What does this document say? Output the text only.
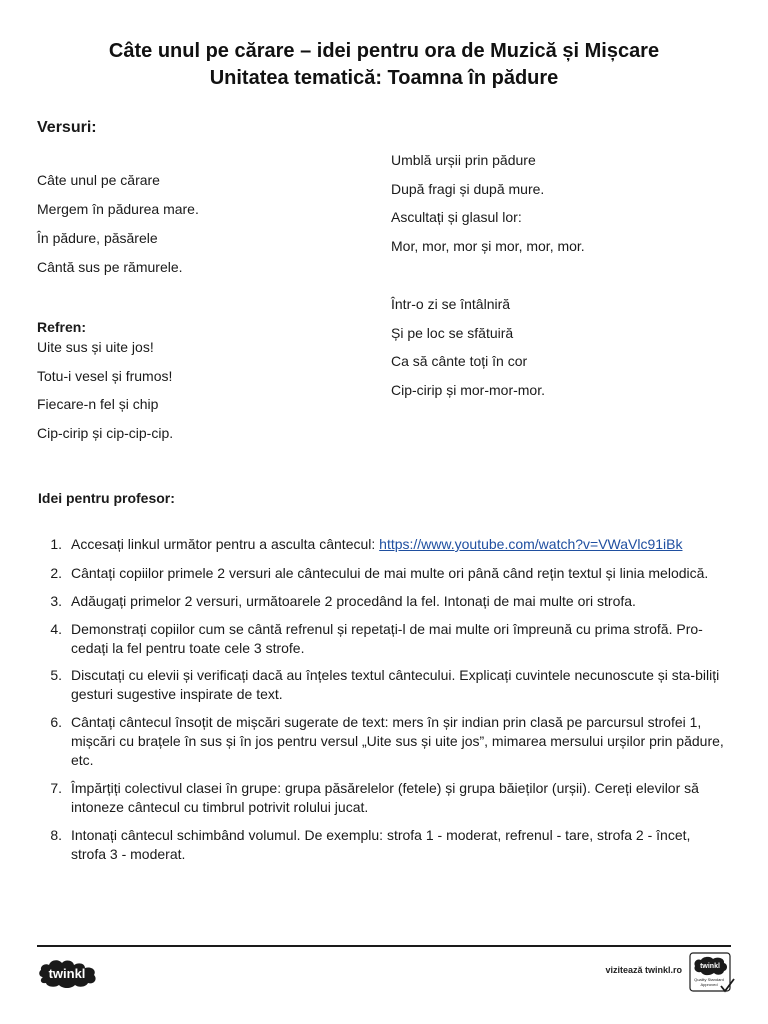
Câte unul pe cărare – idei pentru ora de Muzică și Mișcare
Unitatea tematică: Toamna în pădure
Versuri:
Câte unul pe cărare
Mergem în pădurea mare.
În pădure, păsărele
Cântă sus pe rămurele.
Refren:
Uite sus și uite jos!
Totu-i vesel și frumos!
Fiecare-n fel și chip
Cip-cirip și cip-cip-cip.
Umblă urșii prin pădure
După fragi și după mure.
Ascultați și glasul lor:
Mor, mor, mor și mor, mor, mor.
Într-o zi se întâlniră
Și pe loc se sfătuiră
Ca să cânte toți în cor
Cip-cirip și mor-mor-mor.
Idei pentru profesor:
1. Accesați linkul următor pentru a asculta cântecul: https://www.youtube.com/watch?v=VWaVlc91iBk
2. Cântați copiilor primele 2 versuri ale cântecului de mai multe ori până când rețin textul și linia melodică.
3. Adăugați primelor 2 versuri, următoarele 2 procedând la fel. Intonați de mai multe ori strofa.
4. Demonstrați copiilor cum se cântă refrenul și repetați-l de mai multe ori împreună cu prima strofă. Pro-cedați la fel pentru toate cele 3 strofe.
5. Discutați cu elevii și verificați dacă au înțeles textul cântecului. Explicați cuvintele necunoscute și sta-biliți gesturi sugestive inspirate de text.
6. Cântați cântecul însoțit de mișcări sugerate de text: mers în șir indian prin clasă pe parcursul strofei 1, mișcări cu brațele în sus și în jos pentru versul „Uite sus și uite jos”, mimarea mersului urșilor prin pădure, etc.
7. Împărțiți colectivul clasei în grupe: grupa păsărelelor (fetele) și grupa băieților (urșii). Cereți elevilor să intoneze cântecul cu timbrul potrivit rolului jucat.
8. Intonați cântecul schimbând volumul. De exemplu: strofa 1 - moderat, refrenul - tare, strofa 2 - încet, strofa 3 - moderat.
twinkl	vizitează twinkl.ro	twinkl
Quality Standard
Approved
